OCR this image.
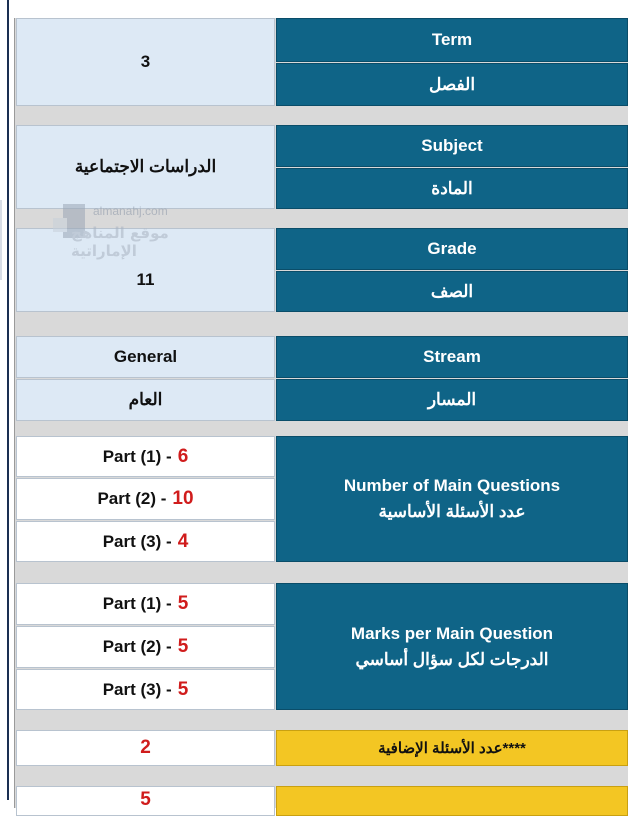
3
Term
الفصل
الدراسات الاجتماعية
Subject
المادة
11
Grade
الصف
General
العام
Stream
المسار
Part (1) - 6
Part (2) - 10
Part (3) - 4
Number of Main Questions
عدد الأسئلة الأساسية
Part (1) - 5
Part (2) - 5
Part (3) - 5
Marks per Main Question
الدرجات لكل سؤال أساسي
2	عدد الأسئلة الإضافية****
5
almanahj.com
موقع المناهج الإماراتية
